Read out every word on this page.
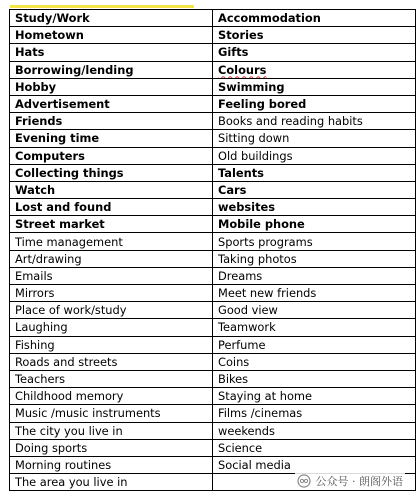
Study/Work	Accommodation
Hometown	Stories
Hats	Gifts
Borrowing/lending	Colours
Hobby	Swimming
Advertisement	Feeling bored
Friends	Books and reading habits
Evening time	Sitting down
Computers	Old buildings
Collecting things	Talents
Watch	Cars
Lost and found	websites
Street market	Mobile phone
Time management	Sports programs
Art/drawing	Taking photos
Emails	Dreams
Mirrors	Meet new friends
Place of work/study	Good view
Laughing	Teamwork
Fishing	Perfume
Roads and streets	Coins
Teachers	Bikes
Childhood memory	Staying at home
Music /music instruments	Films /cinemas
The city you live in	weekends
Doing sports	Science
Morning routines	Social media
The area you live in		公众号 · 朗阁外语
